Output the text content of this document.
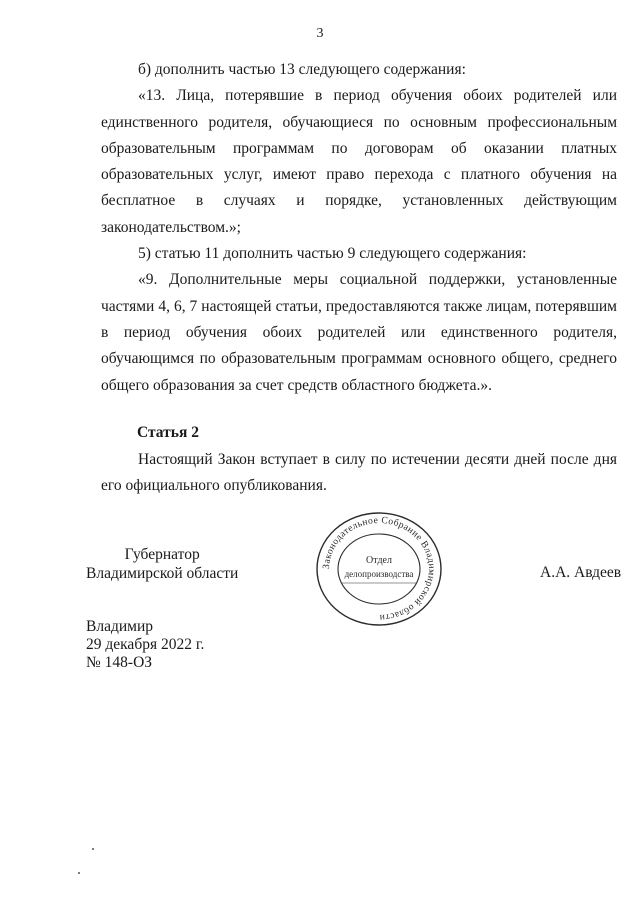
3

б) дополнить частью 13 следующего содержания:

«13. Лица, потерявшие в период обучения обоих родителей или единственного родителя, обучающиеся по основным профессиональным образовательным программам по договорам об оказании платных образовательных услуг, имеют право перехода с платного обучения на бесплатное в случаях и порядке, установленных действующим законодательством.»;

5) статью 11 дополнить частью 9 следующего содержания:

«9. Дополнительные меры социальной поддержки, установленные частями 4, 6, 7 настоящей статьи, предоставляются также лицам, потерявшим в период обучения обоих родителей или единственного родителя, обучающимся по образовательным программам основного общего, среднего общего образования за счет средств областного бюджета.».

Статья 2

Настоящий Закон вступает в силу по истечении десяти дней после дня его официального опубликования.

Губернатор
Владимирской области	А.А. Авдеев
Законодательное Собрание Владимирской области
Отдел
делопроизводства
Владимир
29 декабря 2022 г.
№ 148-ОЗ
